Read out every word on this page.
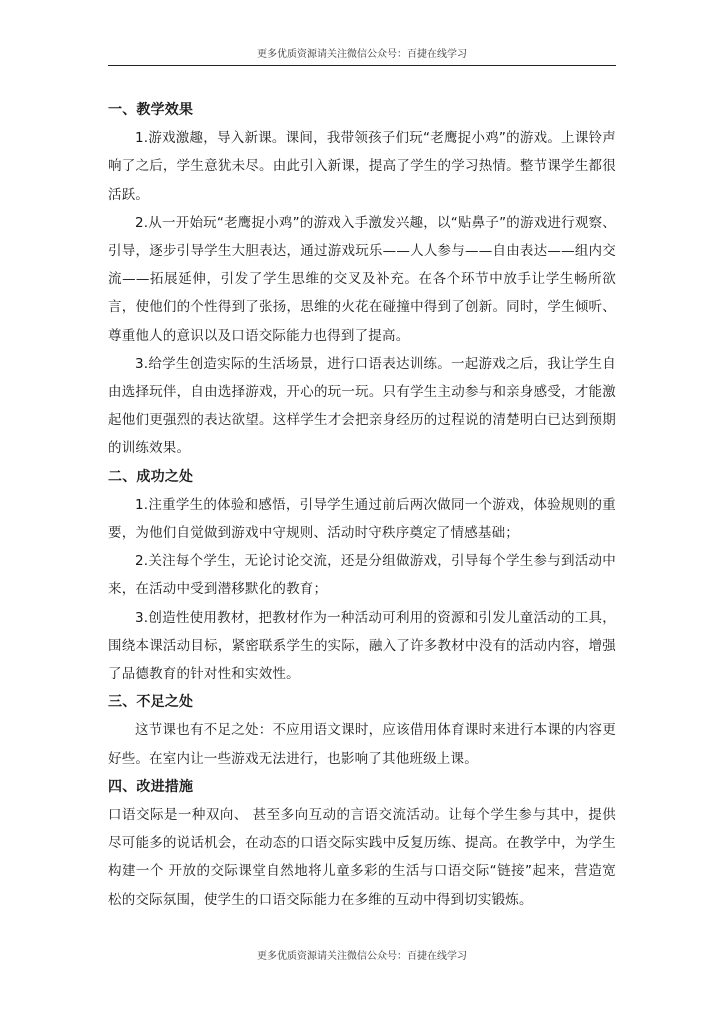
更多优质资源请关注微信公众号：百捷在线学习

一、教学效果

1.游戏激趣，导入新课。课间，我带领孩子们玩“老鹰捉小鸡”的游戏。上课铃声响了之后，学生意犹未尽。由此引入新课，提高了学生的学习热情。整节课学生都很活跃。

2.从一开始玩“老鹰捉小鸡”的游戏入手激发兴趣，以“贴鼻子”的游戏进行观察、引导，逐步引导学生大胆表达，通过游戏玩乐——人人参与——自由表达——组内交流——拓展延伸，引发了学生思维的交叉及补充。在各个环节中放手让学生畅所欲言，使他们的个性得到了张扬，思维的火花在碰撞中得到了创新。同时，学生倾听、尊重他人的意识以及口语交际能力也得到了提高。

3.给学生创造实际的生活场景，进行口语表达训练。一起游戏之后，我让学生自由选择玩伴，自由选择游戏，开心的玩一玩。只有学生主动参与和亲身感受，才能激起他们更强烈的表达欲望。这样学生才会把亲身经历的过程说的清楚明白已达到预期的训练效果。

二、成功之处

1.注重学生的体验和感悟，引导学生通过前后两次做同一个游戏，体验规则的重要，为他们自觉做到游戏中守规则、活动时守秩序奠定了情感基础；

2.关注每个学生，无论讨论交流，还是分组做游戏，引导每个学生参与到活动中来，在活动中受到潜移默化的教育；

3.创造性使用教材，把教材作为一种活动可利用的资源和引发儿童活动的工具，围绕本课活动目标，紧密联系学生的实际，融入了许多教材中没有的活动内容，增强了品德教育的针对性和实效性。

三、不足之处

这节课也有不足之处：不应用语文课时，应该借用体育课时来进行本课的内容更好些。在室内让一些游戏无法进行，也影响了其他班级上课。

四、改进措施

口语交际是一种双向、 甚至多向互动的言语交流活动。让每个学生参与其中，提供尽可能多的说话机会，在动态的口语交际实践中反复历练、提高。在教学中，为学生构建一个 开放的交际课堂自然地将儿童多彩的生活与口语交际“链接”起来，营造宽松的交际氛围，使学生的口语交际能力在多维的互动中得到切实锻炼。

更多优质资源请关注微信公众号：百捷在线学习
